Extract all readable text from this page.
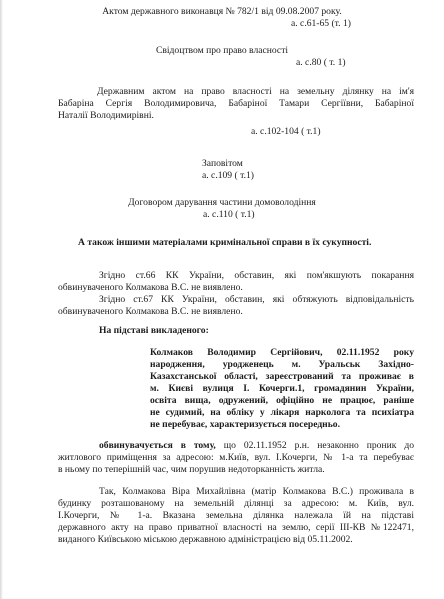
Актом державного виконавця № 782/1 від 09.08.2007 року.
а. с.61-65 (т. 1)
Свідоцтвом про право власності
а. с.80 ( т. 1)
Державним актом на право власності на земельну ділянку на ім'я
Бабаріна Сергія Володимировича, Бабаріної Тамари Сергіївни, Бабаріної
Наталії Володимирівні.
а. с.102-104 ( т.1)
Заповітом
а. с.109 ( т.1)
Договором дарування частини домоволодіння
а. с.110 ( т.1)
А також іншими матеріалами кримінальної справи в їх сукупності.
Згідно ст.66 КК України, обставин, які пом'якшують покарання
обвинуваченого Колмакова В.С. не виявлено.
Згідно ст.67 КК України, обставин, які обтяжують відповідальність
обвинуваченого Колмакова В.С. не виявлено.
На підставі викладеного:
Колмаков Володимир Сергійович, 02.11.1952 року
народження, уродженець м. Уральськ Західно-
Казахстанської області, зареєстрований та проживає в
м. Києві вулиця І. Кочерги.1, громадянин України,
освіта вища, одружений, офіційно не працює, раніше
не судимий, на обліку у лікаря нарколога та психіатра
не перебуває, характеризується посередньо.
обвинувачується в тому, що 02.11.1952 р.н. незаконно проник до
житлового приміщення за адресою: м.Київ, вул. І.Кочерги, № 1-а та перебуває
в ньому по теперішній час, чим порушив недоторканність житла.
Так, Колмакова Віра Михайлівна (матір Колмакова В.С.) проживала в
будинку розташованому на земельній ділянці за адресою: м. Київ, вул.
І.Кочерги, № 1-а. Вказана земельна ділянка належала їй на підставі
державного акту на право приватної власності на землю, серії ІІІ-КВ №122471,
виданого Київською міською державною адміністрацією від 05.11.2002.
